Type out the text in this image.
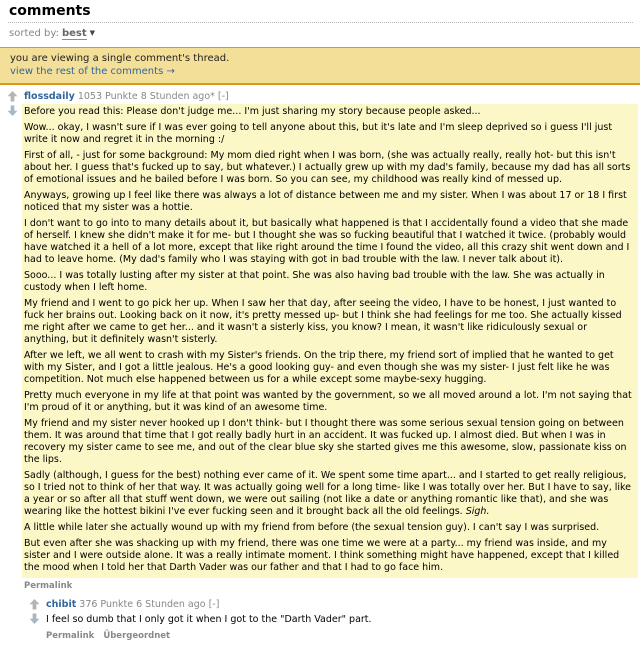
comments
sorted by: best ▼
you are viewing a single comment's thread.
view the rest of the comments →
flossdaily 1053 Punkte 8 Stunden ago* [-]

Before you read this: Please don't judge me... I'm just sharing my story because people asked...

Wow... okay, I wasn't sure if I was ever going to tell anyone about this, but it's late and I'm sleep deprived so i guess I'll just write it now and regret it in the morning :/

First of all, - just for some background: My mom died right when I was born, (she was actually really, really hot- but this isn't about her. I guess that's fucked up to say, but whatever.) I actually grew up with my dad's family, because my dad has all sorts of emotional issues and he bailed before I was born. So you can see, my childhood was really kind of messed up.

Anyways, growing up I feel like there was always a lot of distance between me and my sister. When I was about 17 or 18 I first noticed that my sister was a hottie.

I don't want to go into to many details about it, but basically what happened is that I accidentally found a video that she made of herself. I knew she didn't make it for me- but I thought she was so fucking beautiful that I watched it twice. (probably would have watched it a hell of a lot more, except that like right around the time I found the video, all this crazy shit went down and I had to leave home. (My dad's family who I was staying with got in bad trouble with the law. I never talk about it).

Sooo... I was totally lusting after my sister at that point. She was also having bad trouble with the law. She was actually in custody when I left home.

My friend and I went to go pick her up. When I saw her that day, after seeing the video, I have to be honest, I just wanted to fuck her brains out. Looking back on it now, it's pretty messed up- but I think she had feelings for me too. She actually kissed me right after we came to get her... and it wasn't a sisterly kiss, you know? I mean, it wasn't like ridiculously sexual or anything, but it definitely wasn't sisterly.

After we left, we all went to crash with my Sister's friends. On the trip there, my friend sort of implied that he wanted to get with my Sister, and I got a little jealous. He's a good looking guy- and even though she was my sister- I just felt like he was competition. Not much else happened between us for a while except some maybe-sexy hugging.

Pretty much everyone in my life at that point was wanted by the government, so we all moved around a lot. I'm not saying that I'm proud of it or anything, but it was kind of an awesome time.

My friend and my sister never hooked up I don't think- but I thought there was some serious sexual tension going on between them. It was around that time that I got really badly hurt in an accident. It was fucked up. I almost died. But when I was in recovery my sister came to see me, and out of the clear blue sky she started gives me this awesome, slow, passionate kiss on the lips.

Sadly (although, I guess for the best) nothing ever came of it. We spent some time apart... and I started to get really religious, so I tried not to think of her that way. It was actually going well for a long time- like I was totally over her. But I have to say, like a year or so after all that stuff went down, we were out sailing (not like a date or anything romantic like that), and she was wearing like the hottest bikini I've ever fucking seen and it brought back all the old feelings. Sigh.

A little while later she actually wound up with my friend from before (the sexual tension guy). I can't say I was surprised.

But even after she was shacking up with my friend, there was one time we were at a party... my friend was inside, and my sister and I were outside alone. It was a really intimate moment. I think something might have happened, except that I killed the mood when I told her that Darth Vader was our father and that I had to go face him.

Permalink
chibit 376 Punkte 6 Stunden ago [-]

I feel so dumb that I only got it when I got to the "Darth Vader" part.

Permalink Übergeordnet
